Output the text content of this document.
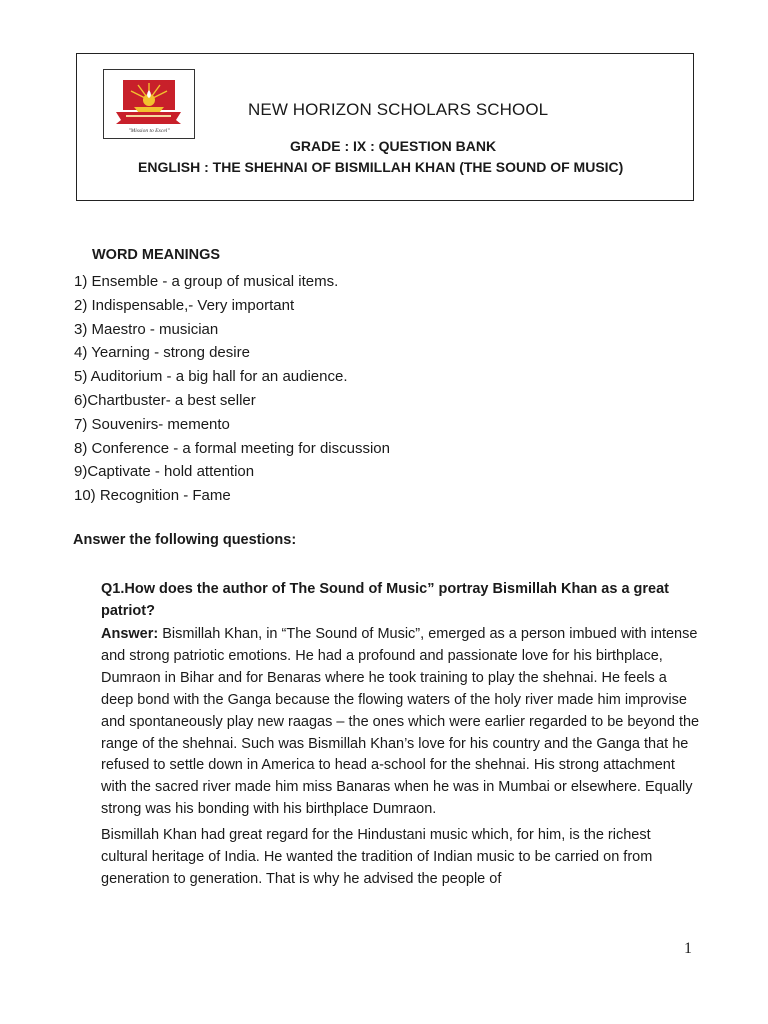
"Mission to Excel"
NEW HORIZON SCHOLARS SCHOOL
GRADE : IX : QUESTION BANK
ENGLISH : THE SHEHNAI OF BISMILLAH KHAN (THE SOUND OF MUSIC)
WORD MEANINGS
1) Ensemble - a group of musical items.
2) Indispensable,- Very important
3) Maestro - musician
4) Yearning - strong desire
5) Auditorium - a big hall for an audience.
6)Chartbuster- a best seller
7) Souvenirs- memento
8) Conference - a formal meeting for discussion
9)Captivate - hold attention
10) Recognition - Fame
Answer the following questions:
Q1.How does the author of The Sound of Music” portray Bismillah Khan as a great patriot?

Answer: Bismillah Khan, in “The Sound of Music”, emerged as a person imbued with intense and strong patriotic emotions. He had a profound and passionate love for his birthplace, Dumraon in Bihar and for Benaras where he took training to play the shehnai. He feels a deep bond with the Ganga because the flowing waters of the holy river made him improvise and spontaneously play new raagas – the ones which were earlier regarded to be beyond the range of the shehnai. Such was Bismillah Khan’s love for his country and the Ganga that he refused to settle down in America to head a-school for the shehnai. His strong attachment with the sacred river made him miss Banaras when he was in Mumbai or elsewhere. Equally strong was his bonding with his birthplace Dumraon.

Bismillah Khan had great regard for the Hindustani music which, for him, is the richest cultural heritage of India. He wanted the tradition of Indian music to be carried on from generation to generation. That is why he advised the people of

1
